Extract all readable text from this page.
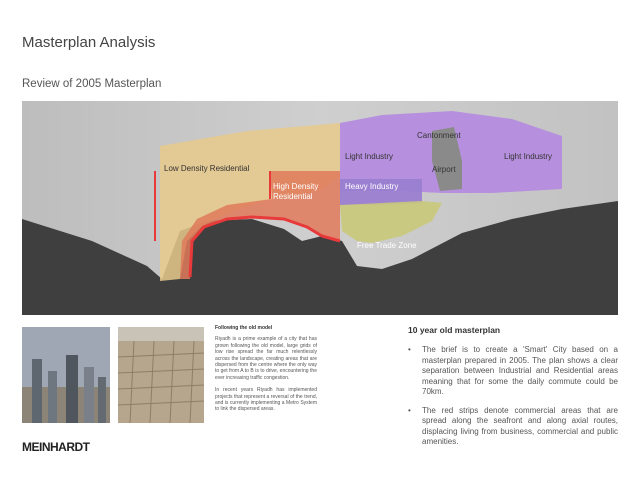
Masterplan Analysis
Review of 2005 Masterplan
Cantonment
Light Industry	Light Industry
Airport
Low Density Residential
High Density
Residential
Heavy Industry
Free Trade Zone
MEINHARDT
Following the old model

Riyadh is a prime example of a city that has grown following the old model, large grids of low rise spread the far much relentlessly across the landscape, creating areas that are dispersed from the centre where the only way to get from A to B is to drive, encountering the ever increasing traffic congestion.

In recent years Riyadh has implemented projects that represent a reversal of the trend, and is currently implementing a Metro System to link the dispersed areas.

10 year old masterplan
•	The brief is to create a 'Smart' City based on a masterplan prepared in 2005. The plan shows a clear separation between Industrial and Residential areas meaning that for some the daily commute could be 70km.
•	The red strips denote commercial areas that are spread along the seafront and along axial routes, displacing living from business, commercial and public amenities.
